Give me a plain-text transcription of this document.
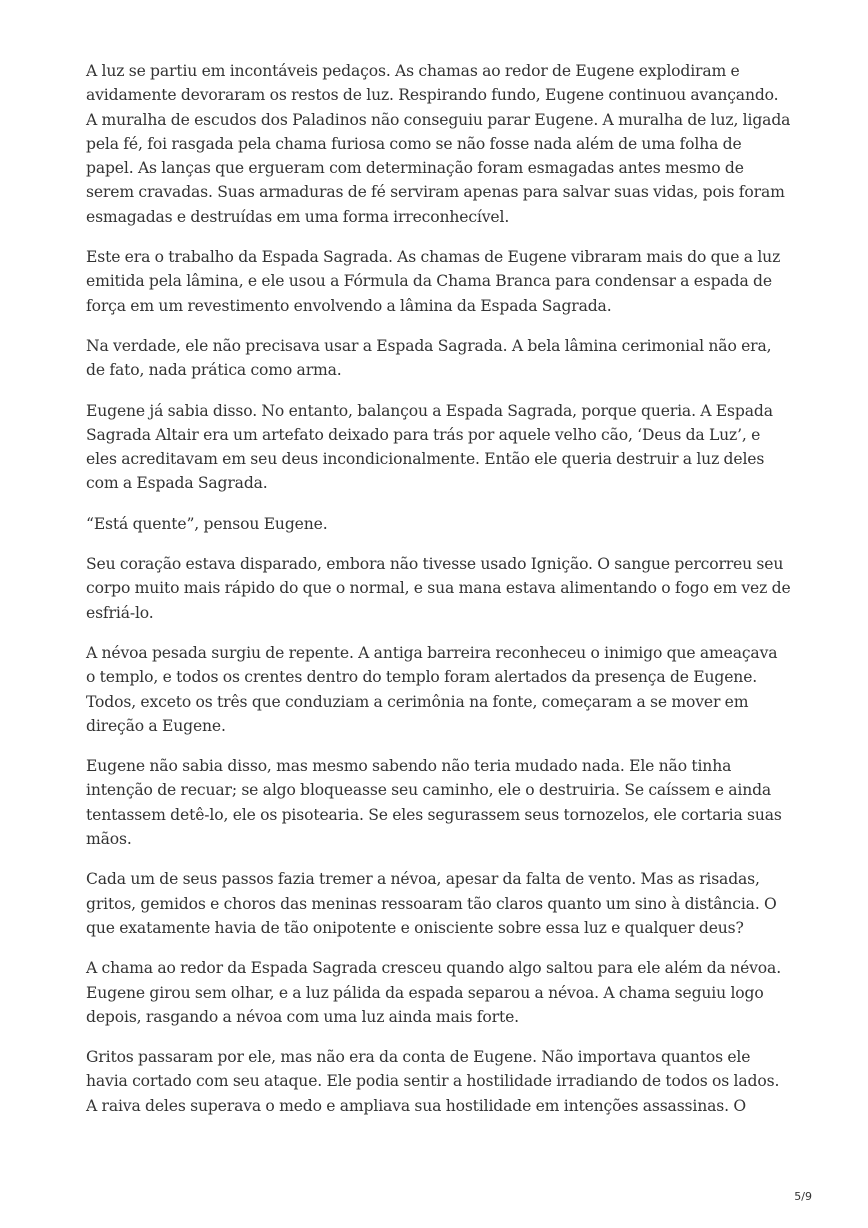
A luz se partiu em incontáveis pedaços. As chamas ao redor de Eugene explodiram e avidamente devoraram os restos de luz. Respirando fundo, Eugene continuou avançando. A muralha de escudos dos Paladinos não conseguiu parar Eugene. A muralha de luz, ligada pela fé, foi rasgada pela chama furiosa como se não fosse nada além de uma folha de papel. As lanças que ergueram com determinação foram esmagadas antes mesmo de serem cravadas. Suas armaduras de fé serviram apenas para salvar suas vidas, pois foram esmagadas e destruídas em uma forma irreconhecível.

Este era o trabalho da Espada Sagrada. As chamas de Eugene vibraram mais do que a luz emitida pela lâmina, e ele usou a Fórmula da Chama Branca para condensar a espada de força em um revestimento envolvendo a lâmina da Espada Sagrada.

Na verdade, ele não precisava usar a Espada Sagrada. A bela lâmina cerimonial não era, de fato, nada prática como arma.

Eugene já sabia disso. No entanto, balançou a Espada Sagrada, porque queria. A Espada Sagrada Altair era um artefato deixado para trás por aquele velho cão, ‘Deus da Luz’, e eles acreditavam em seu deus incondicionalmente. Então ele queria destruir a luz deles com a Espada Sagrada.

“Está quente”, pensou Eugene.

Seu coração estava disparado, embora não tivesse usado Ignição. O sangue percorreu seu corpo muito mais rápido do que o normal, e sua mana estava alimentando o fogo em vez de esfriá-lo.

A névoa pesada surgiu de repente. A antiga barreira reconheceu o inimigo que ameaçava o templo, e todos os crentes dentro do templo foram alertados da presença de Eugene. Todos, exceto os três que conduziam a cerimônia na fonte, começaram a se mover em direção a Eugene.

Eugene não sabia disso, mas mesmo sabendo não teria mudado nada. Ele não tinha intenção de recuar; se algo bloqueasse seu caminho, ele o destruiria. Se caíssem e ainda tentassem detê-lo, ele os pisotearia. Se eles segurassem seus tornozelos, ele cortaria suas mãos.

Cada um de seus passos fazia tremer a névoa, apesar da falta de vento. Mas as risadas, gritos, gemidos e choros das meninas ressoaram tão claros quanto um sino à distância. O que exatamente havia de tão onipotente e onisciente sobre essa luz e qualquer deus?

A chama ao redor da Espada Sagrada cresceu quando algo saltou para ele além da névoa. Eugene girou sem olhar, e a luz pálida da espada separou a névoa. A chama seguiu logo depois, rasgando a névoa com uma luz ainda mais forte.

Gritos passaram por ele, mas não era da conta de Eugene. Não importava quantos ele havia cortado com seu ataque. Ele podia sentir a hostilidade irradiando de todos os lados. A raiva deles superava o medo e ampliava sua hostilidade em intenções assassinas. O

5/9
